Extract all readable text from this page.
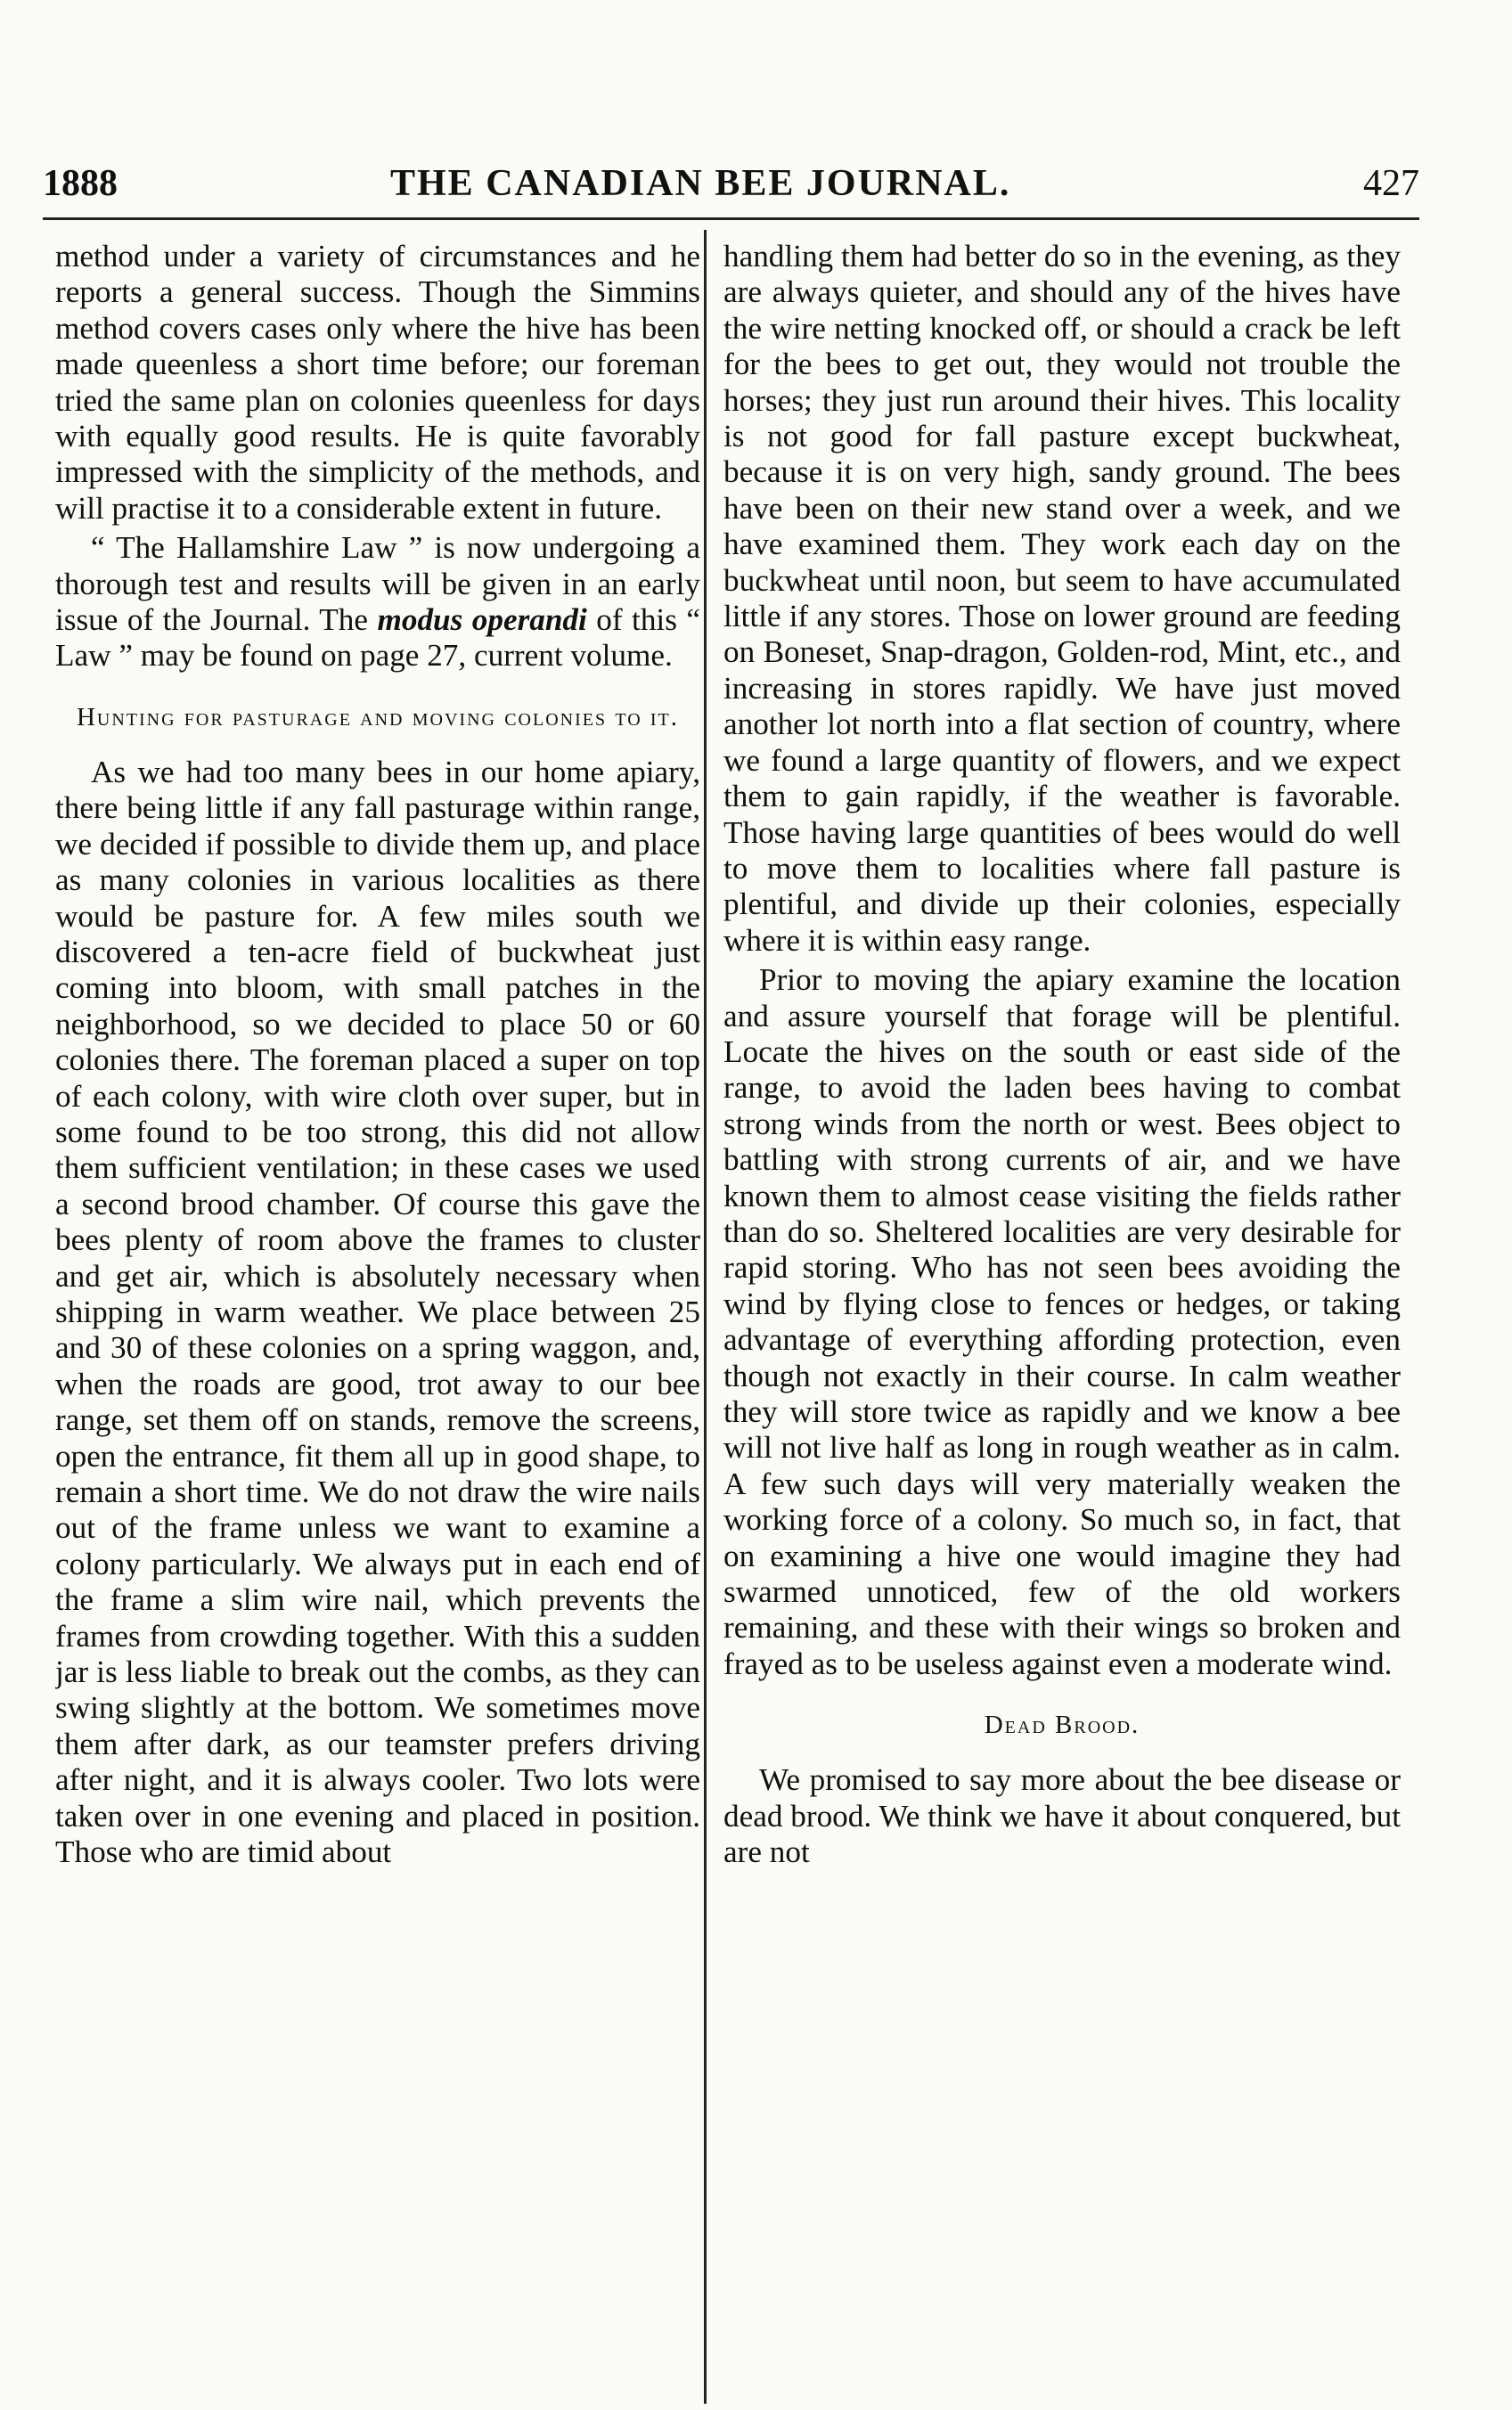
1888	THE CANADIAN BEE JOURNAL.	427

method under a variety of circumstances and he reports a general success. Though the Simmins method covers cases only where the hive has been made queenless a short time before; our foreman tried the same plan on colonies queenless for days with equally good results. He is quite favorably impressed with the simplicity of the methods, and will practise it to a considerable extent in future.

“ The Hallamshire Law ” is now undergoing a thorough test and results will be given in an early issue of the Journal. The modus operandi of this “ Law ” may be found on page 27, current volume.

Hunting for pasturage and moving colonies to it.

As we had too many bees in our home apiary, there being little if any fall pasturage within range, we decided if possible to divide them up, and place as many colonies in various localities as there would be pasture for. A few miles south we discovered a ten-acre field of buckwheat just coming into bloom, with small patches in the neighborhood, so we decided to place 50 or 60 colonies there. The foreman placed a super on top of each colony, with wire cloth over super, but in some found to be too strong, this did not allow them sufficient ventilation; in these cases we used a second brood chamber. Of course this gave the bees plenty of room above the frames to cluster and get air, which is absolutely necessary when shipping in warm weather. We place between 25 and 30 of these colonies on a spring waggon, and, when the roads are good, trot away to our bee range, set them off on stands, remove the screens, open the entrance, fit them all up in good shape, to remain a short time. We do not draw the wire nails out of the frame unless we want to examine a colony particularly. We always put in each end of the frame a slim wire nail, which prevents the frames from crowding together. With this a sudden jar is less liable to break out the combs, as they can swing slightly at the bottom. We sometimes move them after dark, as our teamster prefers driving after night, and it is always cooler. Two lots were taken over in one evening and placed in position. Those who are timid about

handling them had better do so in the evening, as they are always quieter, and should any of the hives have the wire netting knocked off, or should a crack be left for the bees to get out, they would not trouble the horses; they just run around their hives. This locality is not good for fall pasture except buckwheat, because it is on very high, sandy ground. The bees have been on their new stand over a week, and we have examined them. They work each day on the buckwheat until noon, but seem to have accumulated little if any stores. Those on lower ground are feeding on Boneset, Snap-dragon, Golden-rod, Mint, etc., and increasing in stores rapidly. We have just moved another lot north into a flat section of country, where we found a large quantity of flowers, and we expect them to gain rapidly, if the weather is favorable. Those having large quantities of bees would do well to move them to localities where fall pasture is plentiful, and divide up their colonies, especially where it is within easy range.

Prior to moving the apiary examine the location and assure yourself that forage will be plentiful. Locate the hives on the south or east side of the range, to avoid the laden bees having to combat strong winds from the north or west. Bees object to battling with strong currents of air, and we have known them to almost cease visiting the fields rather than do so. Sheltered localities are very desirable for rapid storing. Who has not seen bees avoiding the wind by flying close to fences or hedges, or taking advantage of everything affording protection, even though not exactly in their course. In calm weather they will store twice as rapidly and we know a bee will not live half as long in rough weather as in calm. A few such days will very materially weaken the working force of a colony. So much so, in fact, that on examining a hive one would imagine they had swarmed unnoticed, few of the old workers remaining, and these with their wings so broken and frayed as to be useless against even a moderate wind.

Dead Brood.

We promised to say more about the bee disease or dead brood. We think we have it about conquered, but are not
